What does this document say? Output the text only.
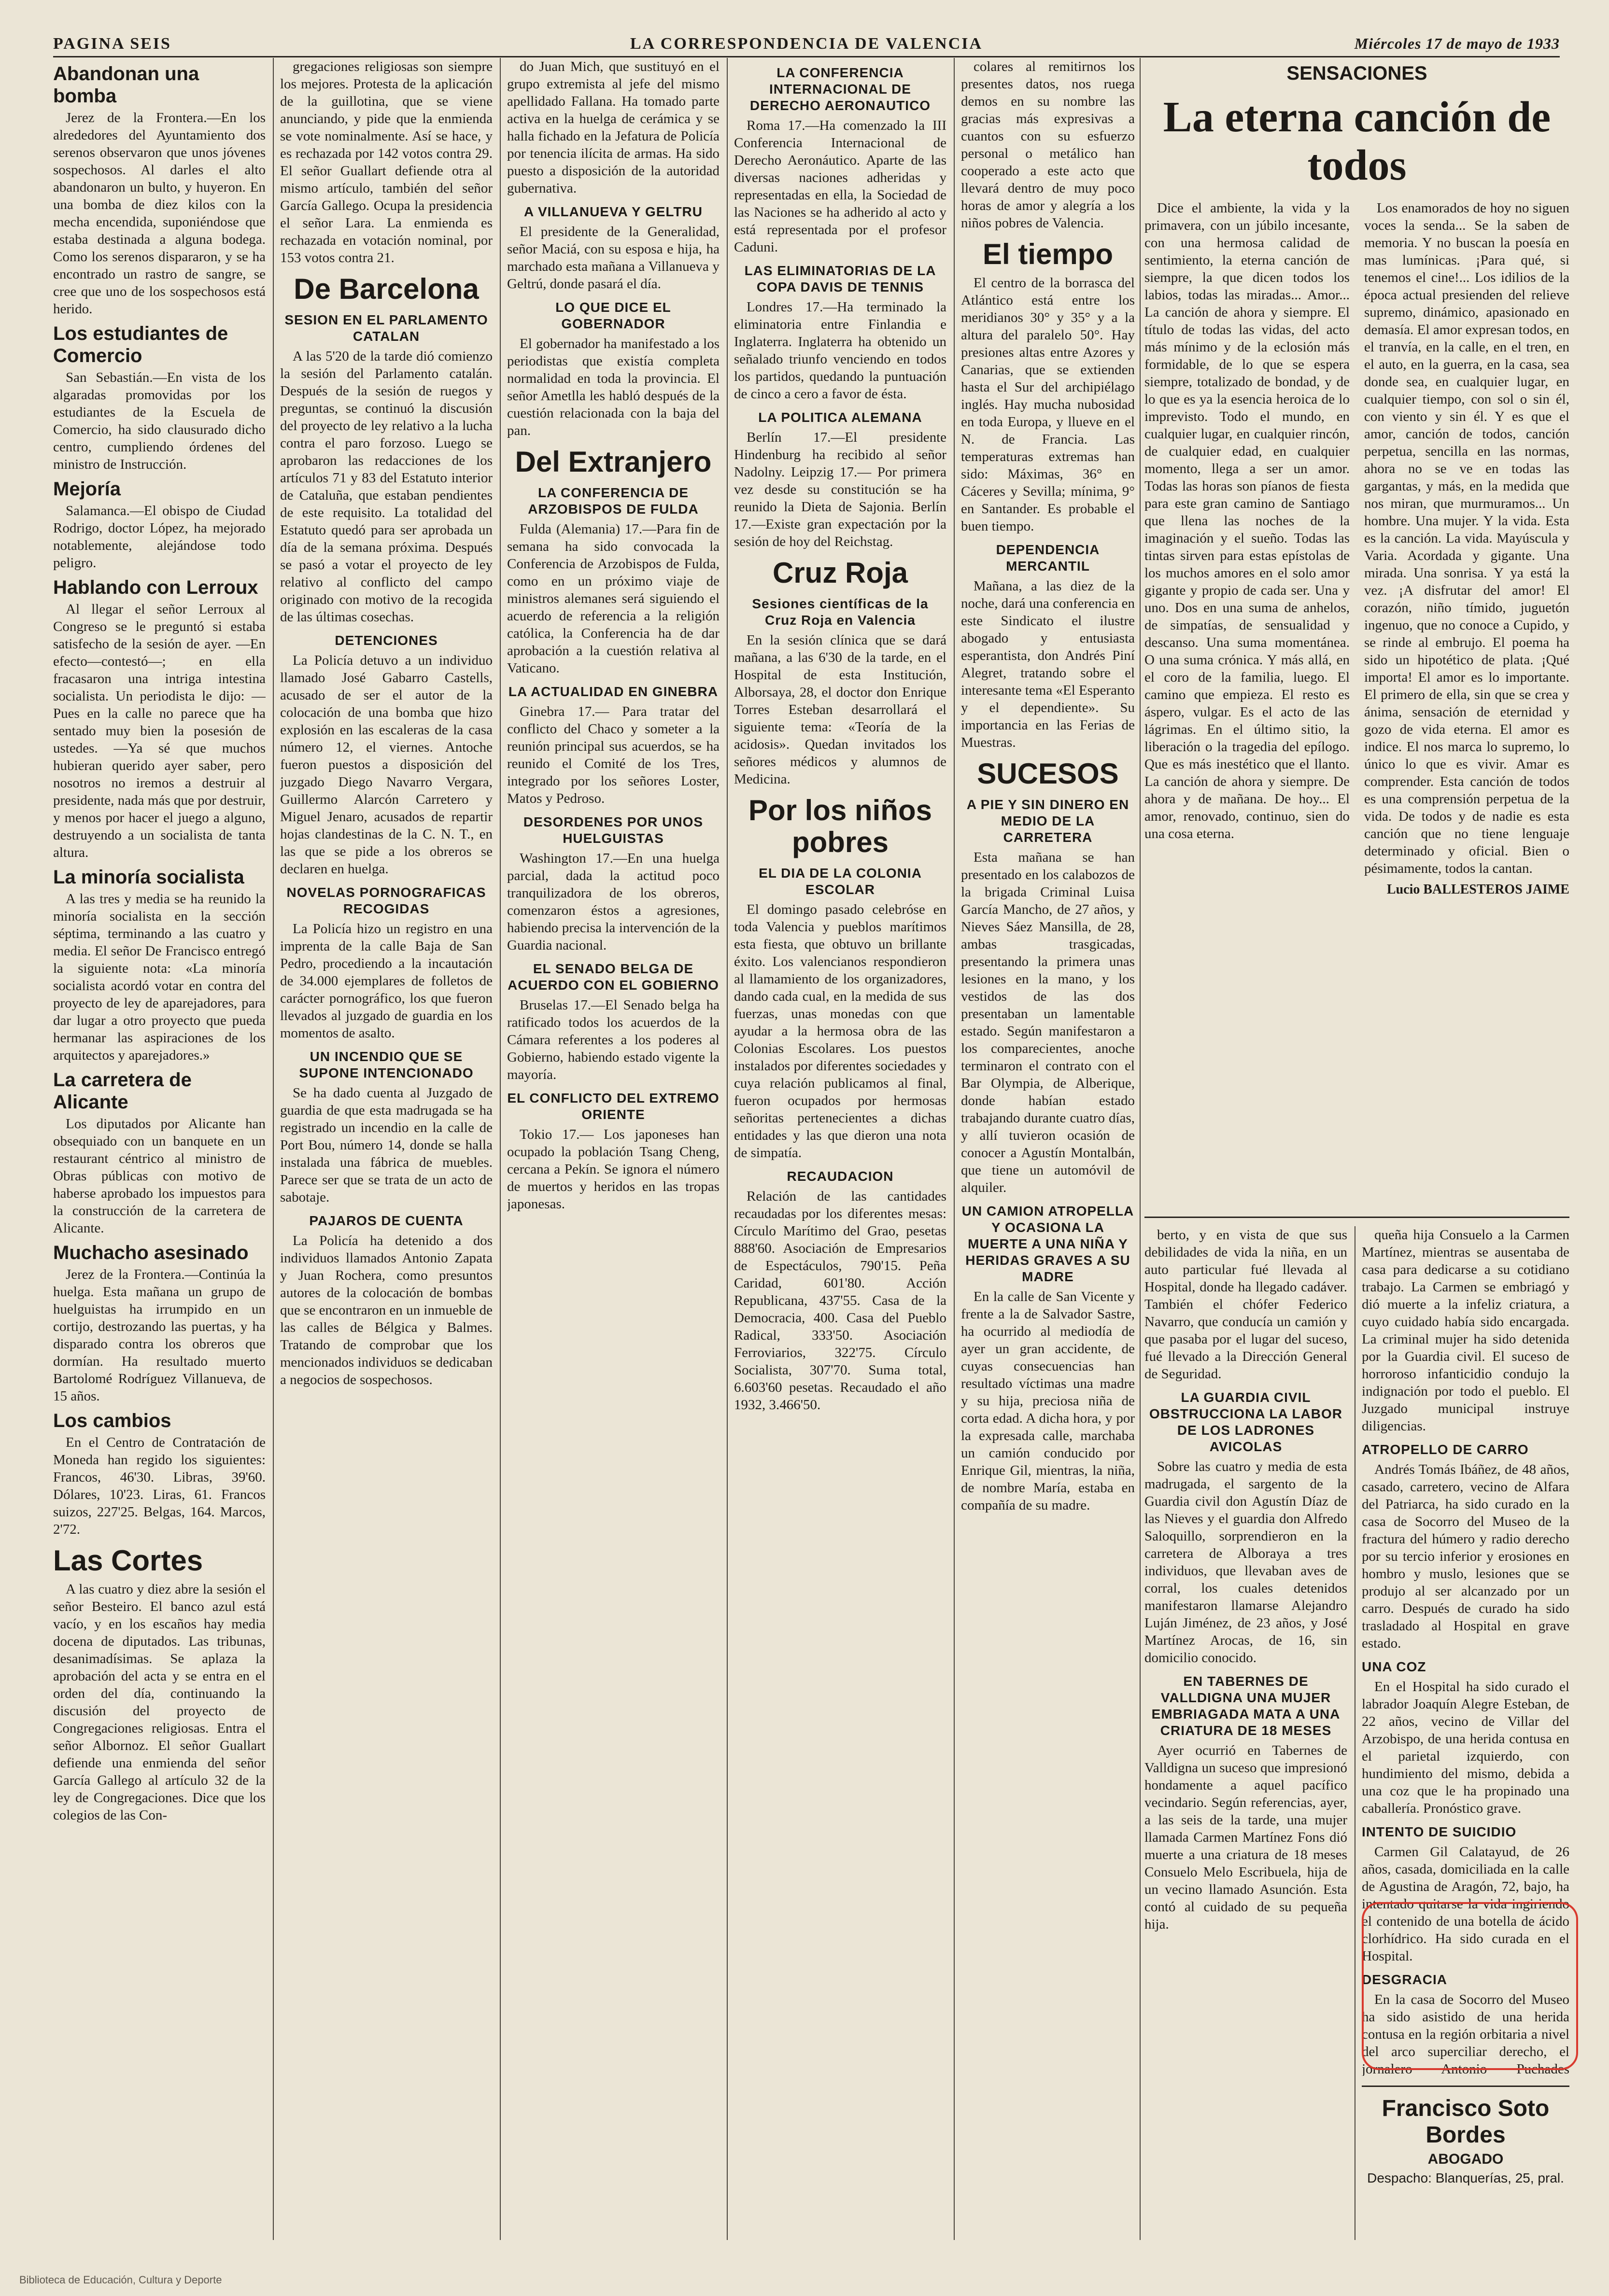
PAGINA SEIS	LA CORRESPONDENCIA DE VALENCIA	Miércoles 17 de mayo de 1933
Abandonan una bomba

Jerez de la Frontera.—En los alrededores del Ayuntamiento dos serenos observaron que unos jóvenes sospechosos. Al darles el alto abandonaron un bulto, y huyeron. En una bomba de diez kilos con la mecha encendida, suponiéndose que estaba destinada a alguna bodega. Como los serenos dispararon, y se ha encontrado un rastro de sangre, se cree que uno de los sospechosos está herido.

Los estudiantes de Comercio

San Sebastián.—En vista de los algaradas promovidas por los estudiantes de la Escuela de Comercio, ha sido clausurado dicho centro, cumpliendo órdenes del ministro de Instrucción.

Mejoría

Salamanca.—El obispo de Ciudad Rodrigo, doctor López, ha mejorado notablemente, alejándose todo peligro.

Hablando con Lerroux

Al llegar el señor Lerroux al Congreso se le preguntó si estaba satisfecho de la sesión de ayer. —En efecto—contestó—; en ella fracasaron una intriga intestina socialista. Un periodista le dijo: —Pues en la calle no parece que ha sentado muy bien la posesión de ustedes. —Ya sé que muchos hubieran querido ayer saber, pero nosotros no iremos a destruir al presidente, nada más que por destruir, y menos por hacer el juego a alguno, destruyendo a un socialista de tanta altura.

La minoría socialista

A las tres y media se ha reunido la minoría socialista en la sección séptima, terminando a las cuatro y media. El señor De Francisco entregó la siguiente nota: «La minoría socialista acordó votar en contra del proyecto de ley de aparejadores, para dar lugar a otro proyecto que pueda hermanar las aspiraciones de los arquitectos y aparejadores.»

La carretera de Alicante

Los diputados por Alicante han obsequiado con un banquete en un restaurant céntrico al ministro de Obras públicas con motivo de haberse aprobado los impuestos para la construcción de la carretera de Alicante.

Muchacho asesinado

Jerez de la Frontera.—Continúa la huelga. Esta mañana un grupo de huelguistas ha irrumpido en un cortijo, destrozando las puertas, y ha disparado contra los obreros que dormían. Ha resultado muerto Bartolomé Rodríguez Villanueva, de 15 años.

Los cambios

En el Centro de Contratación de Moneda han regido los siguientes: Francos, 46'30. Libras, 39'60. Dólares, 10'23. Liras, 61. Francos suizos, 227'25. Belgas, 164. Marcos, 2'72.

Las Cortes

A las cuatro y diez abre la sesión el señor Besteiro. El banco azul está vacío, y en los escaños hay media docena de diputados. Las tribunas, desanimadísimas. Se aplaza la aprobación del acta y se entra en el orden del día, continuando la discusión del proyecto de Congregaciones religiosas. Entra el señor Albornoz. El señor Guallart defiende una enmienda del señor García Gallego al artículo 32 de la ley de Congregaciones. Dice que los colegios de las Con-

gregaciones religiosas son siempre los mejores. Protesta de la aplicación de la guillotina, que se viene anunciando, y pide que la enmienda se vote nominalmente. Así se hace, y es rechazada por 142 votos contra 29. El señor Guallart defiende otra al mismo artículo, también del señor García Gallego. Ocupa la presidencia el señor Lara. La enmienda es rechazada en votación nominal, por 153 votos contra 21.

De Barcelona
SESION EN EL PARLAMENTO CATALAN

A las 5'20 de la tarde dió comienzo la sesión del Parlamento catalán. Después de la sesión de ruegos y preguntas, se continuó la discusión del proyecto de ley relativo a la lucha contra el paro forzoso. Luego se aprobaron las redacciones de los artículos 71 y 83 del Estatuto interior de Cataluña, que estaban pendientes de este requisito. La totalidad del Estatuto quedó para ser aprobada un día de la semana próxima. Después se pasó a votar el proyecto de ley relativo al conflicto del campo originado con motivo de la recogida de las últimas cosechas.

DETENCIONES

La Policía detuvo a un individuo llamado José Gabarro Castells, acusado de ser el autor de la colocación de una bomba que hizo explosión en las escaleras de la casa número 12, el viernes. Antoche fueron puestos a disposición del juzgado Diego Navarro Vergara, Guillermo Alarcón Carretero y Miguel Jenaro, acusados de repartir hojas clandestinas de la C. N. T., en las que se pide a los obreros se declaren en huelga.

NOVELAS PORNOGRAFICAS RECOGIDAS

La Policía hizo un registro en una imprenta de la calle Baja de San Pedro, procediendo a la incautación de 34.000 ejemplares de folletos de carácter pornográfico, los que fueron llevados al juzgado de guardia en los momentos de asalto.

UN INCENDIO QUE SE SUPONE INTENCIONADO

Se ha dado cuenta al Juzgado de guardia de que esta madrugada se ha registrado un incendio en la calle de Port Bou, número 14, donde se halla instalada una fábrica de muebles. Parece ser que se trata de un acto de sabotaje.

PAJAROS DE CUENTA

La Policía ha detenido a dos individuos llamados Antonio Zapata y Juan Rochera, como presuntos autores de la colocación de bombas que se encontraron en un inmueble de las calles de Bélgica y Balmes. Tratando de comprobar que los mencionados individuos se dedicaban a negocios de sospechosos.

do Juan Mich, que sustituyó en el grupo extremista al jefe del mismo apellidado Fallana. Ha tomado parte activa en la huelga de cerámica y se halla fichado en la Jefatura de Policía por tenencia ilícita de armas. Ha sido puesto a disposición de la autoridad gubernativa.

A VILLANUEVA Y GELTRU

El presidente de la Generalidad, señor Maciá, con su esposa e hija, ha marchado esta mañana a Villanueva y Geltrú, donde pasará el día.

LO QUE DICE EL GOBERNADOR

El gobernador ha manifestado a los periodistas que existía completa normalidad en toda la provincia. El señor Ametlla les habló después de la cuestión relacionada con la baja del pan.

Del Extranjero
LA CONFERENCIA DE ARZOBISPOS DE FULDA

Fulda (Alemania) 17.—Para fin de semana ha sido convocada la Conferencia de Arzobispos de Fulda, como en un próximo viaje de ministros alemanes será siguiendo el acuerdo de referencia a la religión católica, la Conferencia ha de dar aprobación a la cuestión relativa al Vaticano.

LA ACTUALIDAD EN GINEBRA

Ginebra 17.— Para tratar del conflicto del Chaco y someter a la reunión principal sus acuerdos, se ha reunido el Comité de los Tres, integrado por los señores Loster, Matos y Pedroso.

DESORDENES POR UNOS HUELGUISTAS

Washington 17.—En una huelga parcial, dada la actitud poco tranquilizadora de los obreros, comenzaron éstos a agresiones, habiendo precisa la intervención de la Guardia nacional.

EL SENADO BELGA DE ACUERDO CON EL GOBIERNO

Bruselas 17.—El Senado belga ha ratificado todos los acuerdos de la Cámara referentes a los poderes al Gobierno, habiendo estado vigente la mayoría.

EL CONFLICTO DEL EXTREMO ORIENTE

Tokio 17.— Los japoneses han ocupado la población Tsang Cheng, cercana a Pekín. Se ignora el número de muertos y heridos en las tropas japonesas.

LA CONFERENCIA INTERNACIONAL DE DERECHO AERONAUTICO

Roma 17.—Ha comenzado la III Conferencia Internacional de Derecho Aeronáutico. Aparte de las diversas naciones adheridas y representadas en ella, la Sociedad de las Naciones se ha adherido al acto y está representada por el profesor Caduni.

LAS ELIMINATORIAS DE LA COPA DAVIS DE TENNIS

Londres 17.—Ha terminado la eliminatoria entre Finlandia e Inglaterra. Inglaterra ha obtenido un señalado triunfo venciendo en todos los partidos, quedando la puntuación de cinco a cero a favor de ésta.

LA POLITICA ALEMANA

Berlín 17.—El presidente Hindenburg ha recibido al señor Nadolny. Leipzig 17.— Por primera vez desde su constitución se ha reunido la Dieta de Sajonia. Berlín 17.—Existe gran expectación por la sesión de hoy del Reichstag.

Cruz Roja
Sesiones científicas de la Cruz Roja en Valencia

En la sesión clínica que se dará mañana, a las 6'30 de la tarde, en el Hospital de esta Institución, Alborsaya, 28, el doctor don Enrique Torres Esteban desarrollará el siguiente tema: «Teoría de la acidosis». Quedan invitados los señores médicos y alumnos de Medicina.

Por los niños pobres
EL DIA DE LA COLONIA ESCOLAR

El domingo pasado celebróse en toda Valencia y pueblos marítimos esta fiesta, que obtuvo un brillante éxito. Los valencianos respondieron al llamamiento de los organizadores, dando cada cual, en la medida de sus fuerzas, unas monedas con que ayudar a la hermosa obra de las Colonias Escolares. Los puestos instalados por diferentes sociedades y cuya relación publicamos al final, fueron ocupados por hermosas señoritas pertenecientes a dichas entidades y las que dieron una nota de simpatía.

RECAUDACION

Relación de las cantidades recaudadas por los diferentes mesas: Círculo Marítimo del Grao, pesetas 888'60. Asociación de Empresarios de Espectáculos, 790'15. Peña Caridad, 601'80. Acción Republicana, 437'55. Casa de la Democracia, 400. Casa del Pueblo Radical, 333'50. Asociación Ferroviarios, 322'75. Círculo Socialista, 307'70. Suma total, 6.603'60 pesetas. Recaudado el año 1932, 3.466'50.

colares al remitirnos los presentes datos, nos ruega demos en su nombre las gracias más expresivas a cuantos con su esfuerzo personal o metálico han cooperado a este acto que llevará dentro de muy poco horas de amor y alegría a los niños pobres de Valencia.

El tiempo

El centro de la borrasca del Atlántico está entre los meridianos 30° y 35° y a la altura del paralelo 50°. Hay presiones altas entre Azores y Canarias, que se extienden hasta el Sur del archipiélago inglés. Hay mucha nubosidad en toda Europa, y llueve en el N. de Francia. Las temperaturas extremas han sido: Máximas, 36° en Cáceres y Sevilla; mínima, 9° en Santander. Es probable el buen tiempo.

DEPENDENCIA MERCANTIL

Mañana, a las diez de la noche, dará una conferencia en este Sindicato el ilustre abogado y entusiasta esperantista, don Andrés Piní Alegret, tratando sobre el interesante tema «El Esperanto y el dependiente». Su importancia en las Ferias de Muestras.

SUCESOS
A PIE Y SIN DINERO EN MEDIO DE LA CARRETERA

Esta mañana se han presentado en los calabozos de la brigada Criminal Luisa García Mancho, de 27 años, y Nieves Sáez Mansilla, de 28, ambas trasgicadas, presentando la primera unas lesiones en la mano, y los vestidos de las dos presentaban un lamentable estado. Según manifestaron a los comparecientes, anoche terminaron el contrato con el Bar Olympia, de Alberique, donde habían estado trabajando durante cuatro días, y allí tuvieron ocasión de conocer a Agustín Montalbán, que tiene un automóvil de alquiler.

UN CAMION ATROPELLA Y OCASIONA LA MUERTE A UNA NIÑA Y HERIDAS GRAVES A SU MADRE

En la calle de San Vicente y frente a la de Salvador Sastre, ha ocurrido al mediodía de ayer un gran accidente, de cuyas consecuencias han resultado víctimas una madre y su hija, preciosa niña de corta edad. A dicha hora, y por la expresada calle, marchaba un camión conducido por Enrique Gil, mientras, la niña, de nombre María, estaba en compañía de su madre.

SENSACIONES
La eterna canción de todos

Dice el ambiente, la vida y la primavera, con un júbilo incesante, con una hermosa calidad de sentimiento, la eterna canción de siempre, la que dicen todos los labios, todas las miradas... Amor... La canción de ahora y siempre. El título de todas las vidas, del acto más mínimo y de la eclosión más formidable, de lo que se espera siempre, totalizado de bondad, y de lo que es ya la esencia heroica de lo imprevisto. Todo el mundo, en cualquier lugar, en cualquier rincón, de cualquier edad, en cualquier momento, llega a ser un amor. Todas las horas son píanos de fiesta para este gran camino de Santiago que llena las noches de la imaginación y el sueño. Todas las tintas sirven para estas epístolas de los muchos amores en el solo amor gigante y propio de cada ser. Una y uno. Dos en una suma de anhelos, de simpatías, de sensualidad y descanso. Una suma momentánea. O una suma crónica. Y más allá, en el coro de la familia, luego. El camino que empieza. El resto es áspero, vulgar. Es el acto de las lágrimas. En el último sitio, la liberación o la tragedia del epílogo. Que es más inestético que el llanto. La canción de ahora y siempre. De ahora y de mañana. De hoy... El amor, renovado, continuo, sien do una cosa eterna.

Los enamorados de hoy no siguen voces la senda... Se la saben de memoria. Y no buscan la poesía en mas lumínicas. ¡Para qué, si tenemos el cine!... Los idilios de la época actual presienden del relieve supremo, dinámico, apasionado en demasía. El amor expresan todos, en el tranvía, en la calle, en el tren, en el auto, en la guerra, en la casa, sea donde sea, en cualquier lugar, en cualquier tiempo, con sol o sin él, con viento y sin él. Y es que el amor, canción de todos, canción perpetua, sencilla en las normas, ahora no se ve en todas las gargantas, y más, en la medida que nos miran, que murmuramos... Un hombre. Una mujer. Y la vida. Esta es la canción. La vida. Mayúscula y Varia. Acordada y gigante. Una mirada. Una sonrisa. Y ya está la vez. ¡A disfrutar del amor! El corazón, niño tímido, juguetón ingenuo, que no conoce a Cupido, y se rinde al embrujo. El poema ha sido un hipotético de plata. ¡Qué importa! El amor es lo importante. El primero de ella, sin que se crea y ánima, sensación de eternidad y gozo de vida eterna. El amor es indice. El nos marca lo supremo, lo único lo que es vivir. Amar es comprender. Esta canción de todos es una comprensión perpetua de la vida. De todos y de nadie es esta canción que no tiene lenguaje determinado y oficial. Bien o pésimamente, todos la cantan.

Lucio BALLESTEROS JAIME

berto, y en vista de que sus debilidades de vida la niña, en un auto particular fué llevada al Hospital, donde ha llegado cadáver. También el chófer Federico Navarro, que conducía un camión y que pasaba por el lugar del suceso, fué llevado a la Dirección General de Seguridad.

LA GUARDIA CIVIL OBSTRUCCIONA LA LABOR DE LOS LADRONES AVICOLAS

Sobre las cuatro y media de esta madrugada, el sargento de la Guardia civil don Agustín Díaz de las Nieves y el guardia don Alfredo Saloquillo, sorprendieron en la carretera de Alboraya a tres individuos, que llevaban aves de corral, los cuales detenidos manifestaron llamarse Alejandro Luján Jiménez, de 23 años, y José Martínez Arocas, de 16, sin domicilio conocido.

EN TABERNES DE VALLDIGNA UNA MUJER EMBRIAGADA MATA A UNA CRIATURA DE 18 MESES

Ayer ocurrió en Tabernes de Valldigna un suceso que impresionó hondamente a aquel pacífico vecindario. Según referencias, ayer, a las seis de la tarde, una mujer llamada Carmen Martínez Fons dió muerte a una criatura de 18 meses Consuelo Melo Escribuela, hija de un vecino llamado Asunción. Esta contó al cuidado de su pequeña hija.

queña hija Consuelo a la Carmen Martínez, mientras se ausentaba de casa para dedicarse a su cotidiano trabajo. La Carmen se embriagó y dió muerte a la infeliz criatura, a cuyo cuidado había sido encargada. La criminal mujer ha sido detenida por la Guardia civil. El suceso de horroroso infanticidio condujo la indignación por todo el pueblo. El Juzgado municipal instruye diligencias.

ATROPELLO DE CARRO

Andrés Tomás Ibáñez, de 48 años, casado, carretero, vecino de Alfara del Patriarca, ha sido curado en la casa de Socorro del Museo de la fractura del húmero y radio derecho por su tercio inferior y erosiones en hombro y muslo, lesiones que se produjo al ser alcanzado por un carro. Después de curado ha sido trasladado al Hospital en grave estado.

UNA COZ

En el Hospital ha sido curado el labrador Joaquín Alegre Esteban, de 22 años, vecino de Villar del Arzobispo, de una herida contusa en el parietal izquierdo, con hundimiento del mismo, debida a una coz que le ha propinado una caballería. Pronóstico grave.

INTENTO DE SUICIDIO

Carmen Gil Calatayud, de 26 años, casada, domiciliada en la calle de Agustina de Aragón, 72, bajo, ha intentado quitarse la vida ingiriendo el contenido de una botella de ácido clorhídrico. Ha sido curada en el Hospital.

DESGRACIA

En la casa de Socorro del Museo ha sido asistido de una herida contusa en la región orbitaria a nivel del arco superciliar derecho, el jornalero Antonio Puchades

Francisco Soto Bordes
ABOGADO
Despacho: Blanquerías, 25, pral.
Biblioteca de Educación, Cultura y Deporte
